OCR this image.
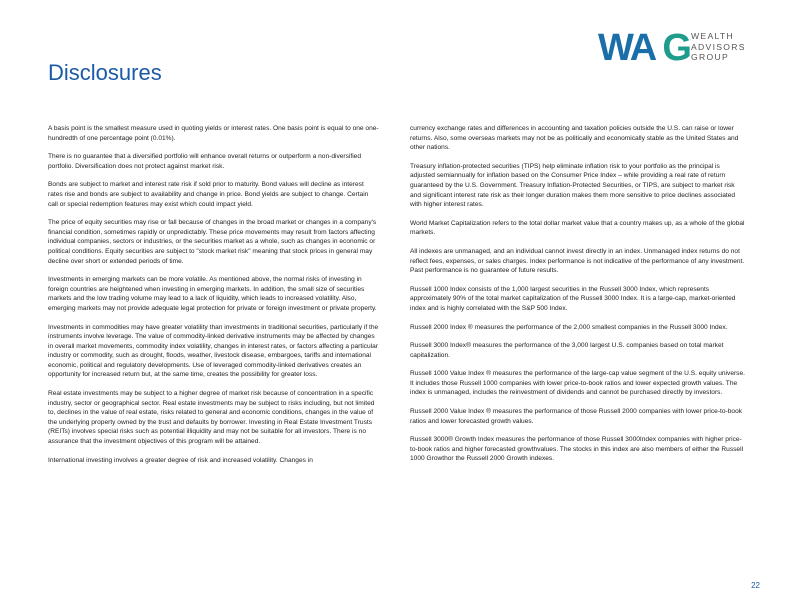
WA G WEALTH
ADVISORS
GROUP
Disclosures

A basis point is the smallest measure used in quoting yields or interest rates. One basis point is equal to one one-hundredth of one percentage point (0.01%).

There is no guarantee that a diversified portfolio will enhance overall returns or outperform a non-diversified portfolio. Diversification does not protect against market risk.

Bonds are subject to market and interest rate risk if sold prior to maturity. Bond values will decline as interest rates rise and bonds are subject to availability and change in price. Bond yields are subject to change. Certain call or special redemption features may exist which could impact yield.

The price of equity securities may rise or fall because of changes in the broad market or changes in a company's financial condition, sometimes rapidly or unpredictably. These price movements may result from factors affecting individual companies, sectors or industries, or the securities market as a whole, such as changes in economic or political conditions. Equity securities are subject to "stock market risk" meaning that stock prices in general may decline over short or extended periods of time.

Investments in emerging markets can be more volatile. As mentioned above, the normal risks of investing in foreign countries are heightened when investing in emerging markets. In addition, the small size of securities markets and the low trading volume may lead to a lack of liquidity, which leads to increased volatility. Also, emerging markets may not provide adequate legal protection for private or foreign investment or private property.

Investments in commodities may have greater volatility than investments in traditional securities, particularly if the instruments involve leverage. The value of commodity-linked derivative instruments may be affected by changes in overall market movements, commodity index volatility, changes in interest rates, or factors affecting a particular industry or commodity, such as drought, floods, weather, livestock disease, embargoes, tariffs and international economic, political and regulatory developments. Use of leveraged commodity-linked derivatives creates an opportunity for increased return but, at the same time, creates the possibility for greater loss.

Real estate investments may be subject to a higher degree of market risk because of concentration in a specific industry, sector or geographical sector. Real estate investments may be subject to risks including, but not limited to, declines in the value of real estate, risks related to general and economic conditions, changes in the value of the underlying property owned by the trust and defaults by borrower. Investing in Real Estate Investment Trusts (REITs) involves special risks such as potential illiquidity and may not be suitable for all investors. There is no assurance that the investment objectives of this program will be attained.

International investing involves a greater degree of risk and increased volatility. Changes in

currency exchange rates and differences in accounting and taxation policies outside the U.S. can raise or lower returns. Also, some overseas markets may not be as politically and economically stable as the United States and other nations.

Treasury inflation-protected securities (TIPS) help eliminate inflation risk to your portfolio as the principal is adjusted semiannually for inflation based on the Consumer Price Index – while providing a real rate of return guaranteed by the U.S. Government. Treasury Inflation-Protected Securities, or TIPS, are subject to market risk and significant interest rate risk as their longer duration makes them more sensitive to price declines associated with higher interest rates.

World Market Capitalization refers to the total dollar market value that a country makes up, as a whole of the global markets.

All indexes are unmanaged, and an individual cannot invest directly in an index. Unmanaged index returns do not reflect fees, expenses, or sales charges. Index performance is not indicative of the performance of any investment. Past performance is no guarantee of future results.

Russell 1000 Index consists of the 1,000 largest securities in the Russell 3000 Index, which represents approximately 90% of the total market capitalization of the Russell 3000 Index. It is a large-cap, market-oriented index and is highly correlated with the S&P 500 Index.

Russell 2000 Index ® measures the performance of the 2,000 smallest companies in the Russell 3000 Index.

Russell 3000 Index® measures the performance of the 3,000 largest U.S. companies based on total market capitalization.

Russell 1000 Value Index ® measures the performance of the large-cap value segment of the U.S. equity universe. It includes those Russell 1000 companies with lower price-to-book ratios and lower expected growth values. The index is unmanaged, includes the reinvestment of dividends and cannot be purchased directly by investors.

Russell 2000 Value Index ® measures the performance of those Russell 2000 companies with lower price-to-book ratios and lower forecasted growth values.

Russell 3000® Growth Index measures the performance of those Russell 3000Index companies with higher price-to-book ratios and higher forecasted growthvalues. The stocks in this index are also members of either the Russell 1000 Growthor the Russell 2000 Growth indexes.

22
